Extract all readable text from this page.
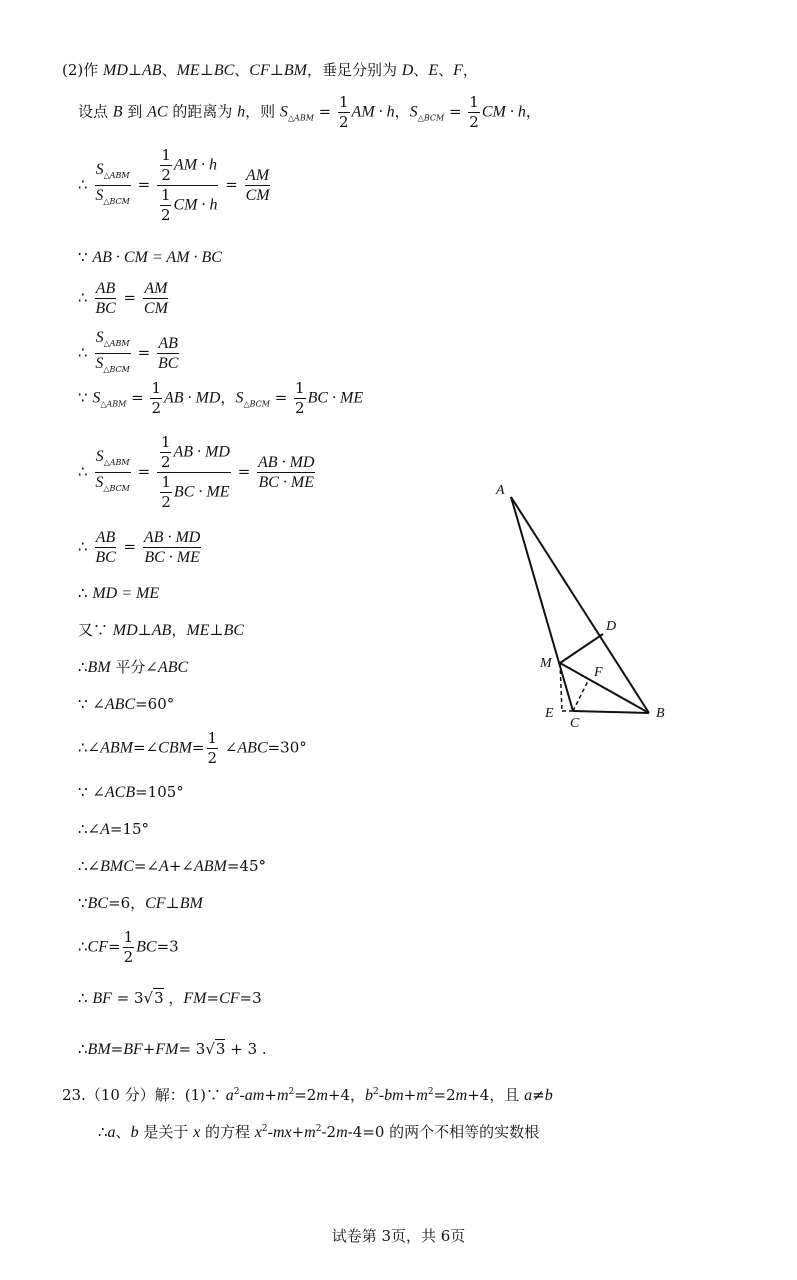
(2)作 MD⊥AB、ME⊥BC、CF⊥BM，垂足分别为 D、E、F，
设点 B 到 AC 的距离为 h，则 $S_{\triangle ABM} = \frac{1}{2}$ AM · h，$S_{\triangle BCM} = \frac{1}{2}$ CM · h，
∴ $\frac{S_{\triangle ABM}}{S_{\triangle BCM}} = \frac{\frac{1}{2} AM \cdot h}{\frac{1}{2} CM \cdot h} = \frac{AM}{CM}$
∵ AB · CM = AM · BC
∴ $\frac{AB}{BC} = \frac{AM}{CM}$
∴ $\frac{S_{\triangle ABM}}{S_{\triangle BCM}} = \frac{AB}{BC}$
∵ $S_{\triangle ABM} = \frac{1}{2}$ AB · MD，$S_{\triangle BCM} = \frac{1}{2}$ BC · ME
∴ $\frac{S_{\triangle ABM}}{S_{\triangle BCM}} = \frac{\frac{1}{2} AB \cdot MD}{\frac{1}{2} BC \cdot ME} = \frac{AB \cdot MD}{BC \cdot ME}$
∴ $\frac{AB}{BC} = \frac{AB \cdot MD}{BC \cdot ME}$
∴ MD = ME
又∵ MD⊥AB，ME⊥BC
∴BM 平分∠ABC
∵ ∠ABC=60°
∴∠ABM=∠CBM= $\frac{1}{2}$ ∠ABC=30°
∵ ∠ACB=105°
∴∠A=15°
∴∠BMC=∠A+∠ABM=45°
∵BC=6，CF⊥BM
∴CF= $\frac{1}{2} BC=3$
∴ BF = 3√3 ，FM=CF=3
∴BM=BF+FM= 3√3 + 3 .
23.（10 分）解：(1)∵ $a^2-am+m^2=2m+4$，$b^2-bm+m^2=2m+4$，且 a≠b
∴a、b 是关于 x 的方程 $x^2-mx+m^2-2m-4=0$ 的两个不相等的实数根
A
D
M
F
E
C
B
试卷第 3页，共 6页
